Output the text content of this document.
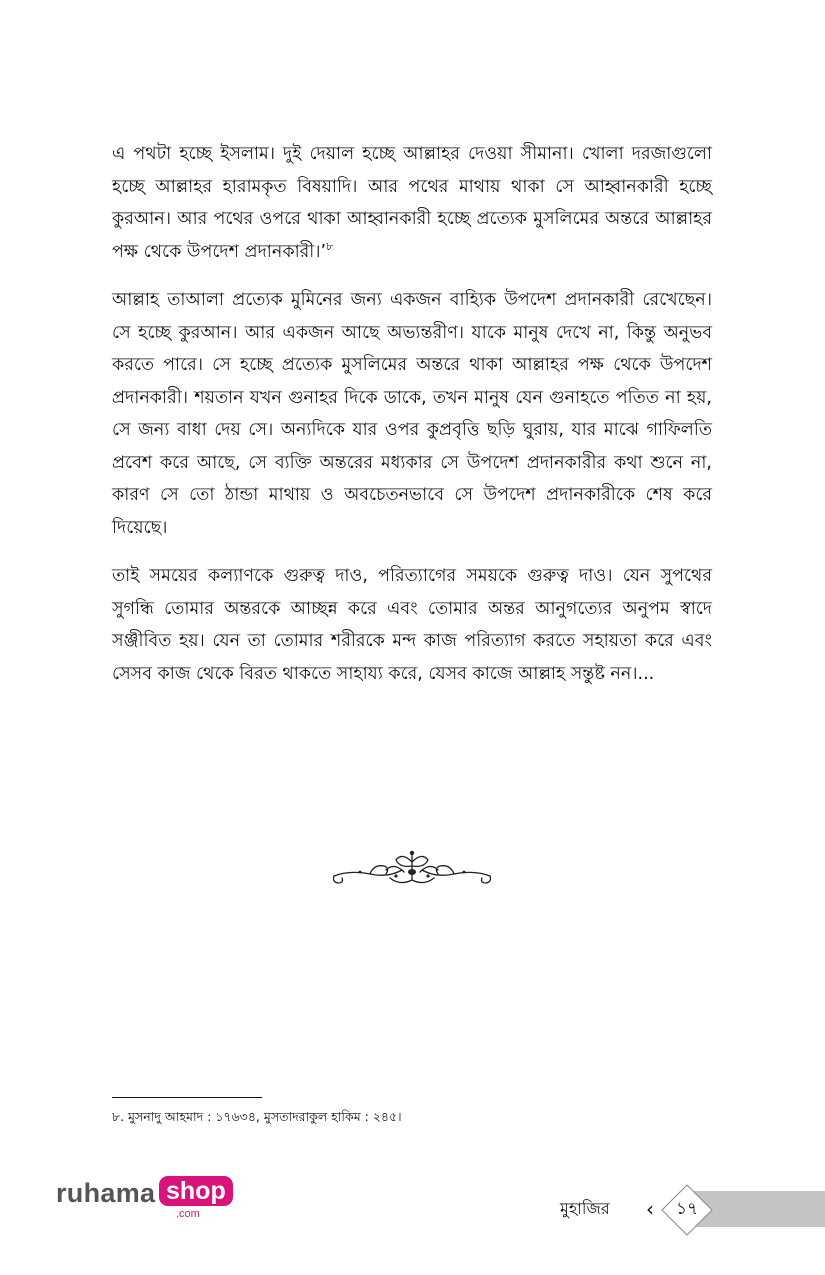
এ পথটা হচ্ছে ইসলাম। দুই দেয়াল হচ্ছে আল্লাহর দেওয়া সীমানা। খোলা দরজাগুলো হচ্ছে আল্লাহর হারামকৃত বিষয়াদি। আর পথের মাথায় থাকা সে আহ্বানকারী হচ্ছে কুরআন। আর পথের ওপরে থাকা আহ্বানকারী হচ্ছে প্রত্যেক মুসলিমের অন্তরে আল্লাহর পক্ষ থেকে উপদেশ প্রদানকারী।’$^৮$

আল্লাহ তাআলা প্রত্যেক মুমিনের জন্য একজন বাহ্যিক উপদেশ প্রদানকারী রেখেছেন। সে হচ্ছে কুরআন। আর একজন আছে অভ্যন্তরীণ। যাকে মানুষ দেখে না, কিন্তু অনুভব করতে পারে। সে হচ্ছে প্রত্যেক মুসলিমের অন্তরে থাকা আল্লাহর পক্ষ থেকে উপদেশ প্রদানকারী। শয়তান যখন গুনাহর দিকে ডাকে, তখন মানুষ যেন গুনাহতে পতিত না হয়, সে জন্য বাধা দেয় সে। অন্যদিকে যার ওপর কুপ্রবৃত্তি ছড়ি ঘুরায়, যার মাঝে গাফিলতি প্রবেশ করে আছে, সে ব্যক্তি অন্তরের মধ্যকার সে উপদেশ প্রদানকারীর কথা শুনে না, কারণ সে তো ঠান্ডা মাথায় ও অবচেতনভাবে সে উপদেশ প্রদানকারীকে শেষ করে দিয়েছে।

তাই সময়ের কল্যাণকে গুরুত্ব দাও, পরিত্যাগের সময়কে গুরুত্ব দাও। যেন সুপথের সুগন্ধি তোমার অন্তরকে আচ্ছন্ন করে এবং তোমার অন্তর আনুগত্যের অনুপম স্বাদে সঞ্জীবিত হয়। যেন তা তোমার শরীরকে মন্দ কাজ পরিত্যাগ করতে সহায়তা করে এবং সেসব কাজ থেকে বিরত থাকতে সাহায্য করে, যেসব কাজে আল্লাহ সন্তুষ্ট নন।...

৮. মুসনাদু আহমাদ : ১৭৬৩৪, মুসতাদরাকুল হাকিম : ২৪৫।
ruhama shop
.com	মুহাজির ‹	১৭
